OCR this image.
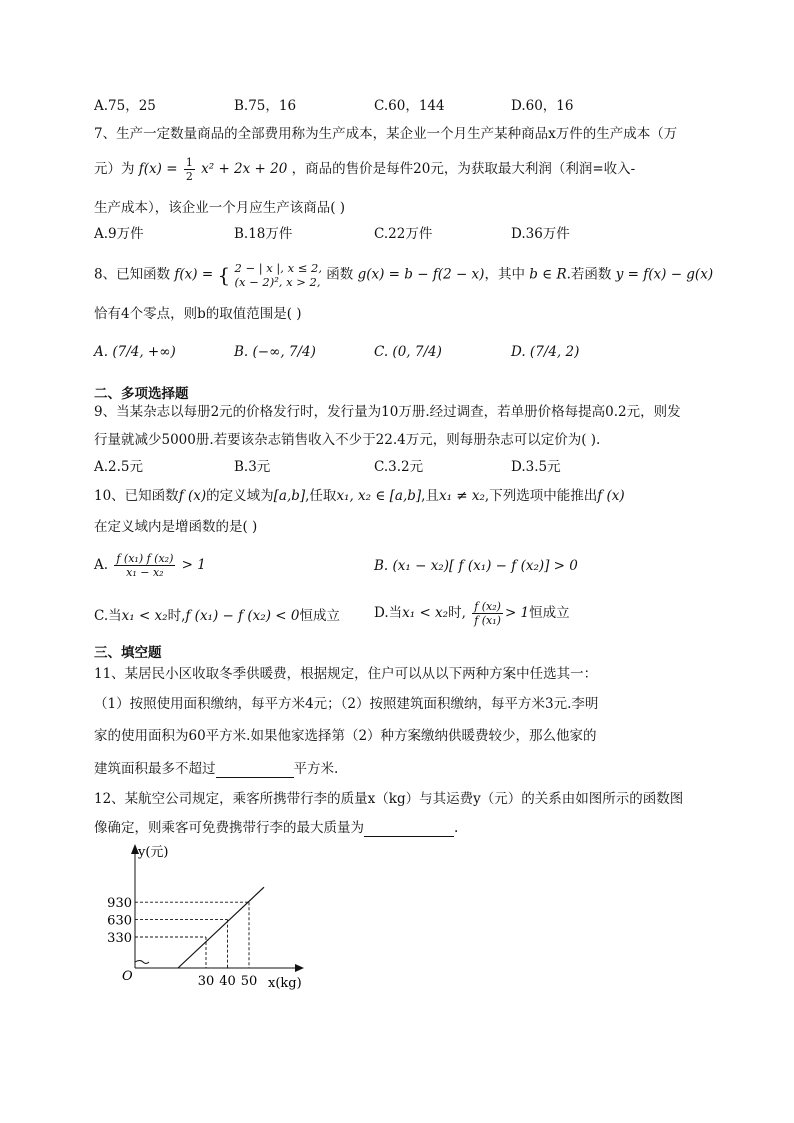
A.75，25	B.75，16	C.60，144	D.60，16
7、生产一定数量商品的全部费用称为生产成本，某企业一个月生产某种商品x万件的生产成本（万
元）为 $f(x) = \frac{1}{2} x^2 + 2x + 20$ ，商品的售价是每件20元，为获取最大利润（利润=收入-
生产成本），该企业一个月应生产该商品( )
A.9万件	B.18万件	C.22万件	D.36万件
8、已知函数 f(x) = { 2 − | x |, x ≤ 2,
(x − 2)², x > 2, 函数 g(x) = b − f(2 − x)，其中 b ∈ R.若函数 y = f(x) − g(x)
恰有4个零点，则b的取值范围是( )
A. (7/4, +∞)	B. (−∞, 7/4)	C. (0, 7/4)	D. (7/4, 2)
二、多项选择题
9、当某杂志以每册2元的价格发行时，发行量为10万册.经过调查，若单册价格每提高0.2元，则发
行量就减少5000册.若要该杂志销售收入不少于22.4万元，则每册杂志可以定价为( ).
A.2.5元	B.3元	C.3.2元	D.3.5元
10、已知函数f (x)的定义域为[a,b],任取x₁, x₂ ∈ [a,b],且x₁ ≠ x₂,下列选项中能推出f (x)
在定义域内是增函数的是( )
A. $\frac{\text{f (x₁) f (x₂)}}{\text{x₁ − x₂}} > 1$	B. (x₁ − x₂)[ f (x₁) − f (x₂)] > 0
C.当x₁ < x₂时,f (x₁) − f (x₂) < 0恒成立	D.当x₁ < x₂时, $\frac{\text{f (x₂)}}{\text{f (x₁)}} > 1$恒成立
三、填空题
11、某居民小区收取冬季供暖费，根据规定，住户可以从以下两种方案中任选其一：
（1）按照使用面积缴纳，每平方米4元；（2）按照建筑面积缴纳，每平方米3元.李明
家的使用面积为60平方米.如果他家选择第（2）种方案缴纳供暖费较少，那么他家的
建筑面积最多不超过	平方米.
12、某航空公司规定，乘客所携带行李的质量x（kg）与其运费y（元）的关系由如图所示的函数图
像确定，则乘客可免费携带行李的最大质量为	.
30 40 50
930
630
330
O
y(元)
x(kg)
